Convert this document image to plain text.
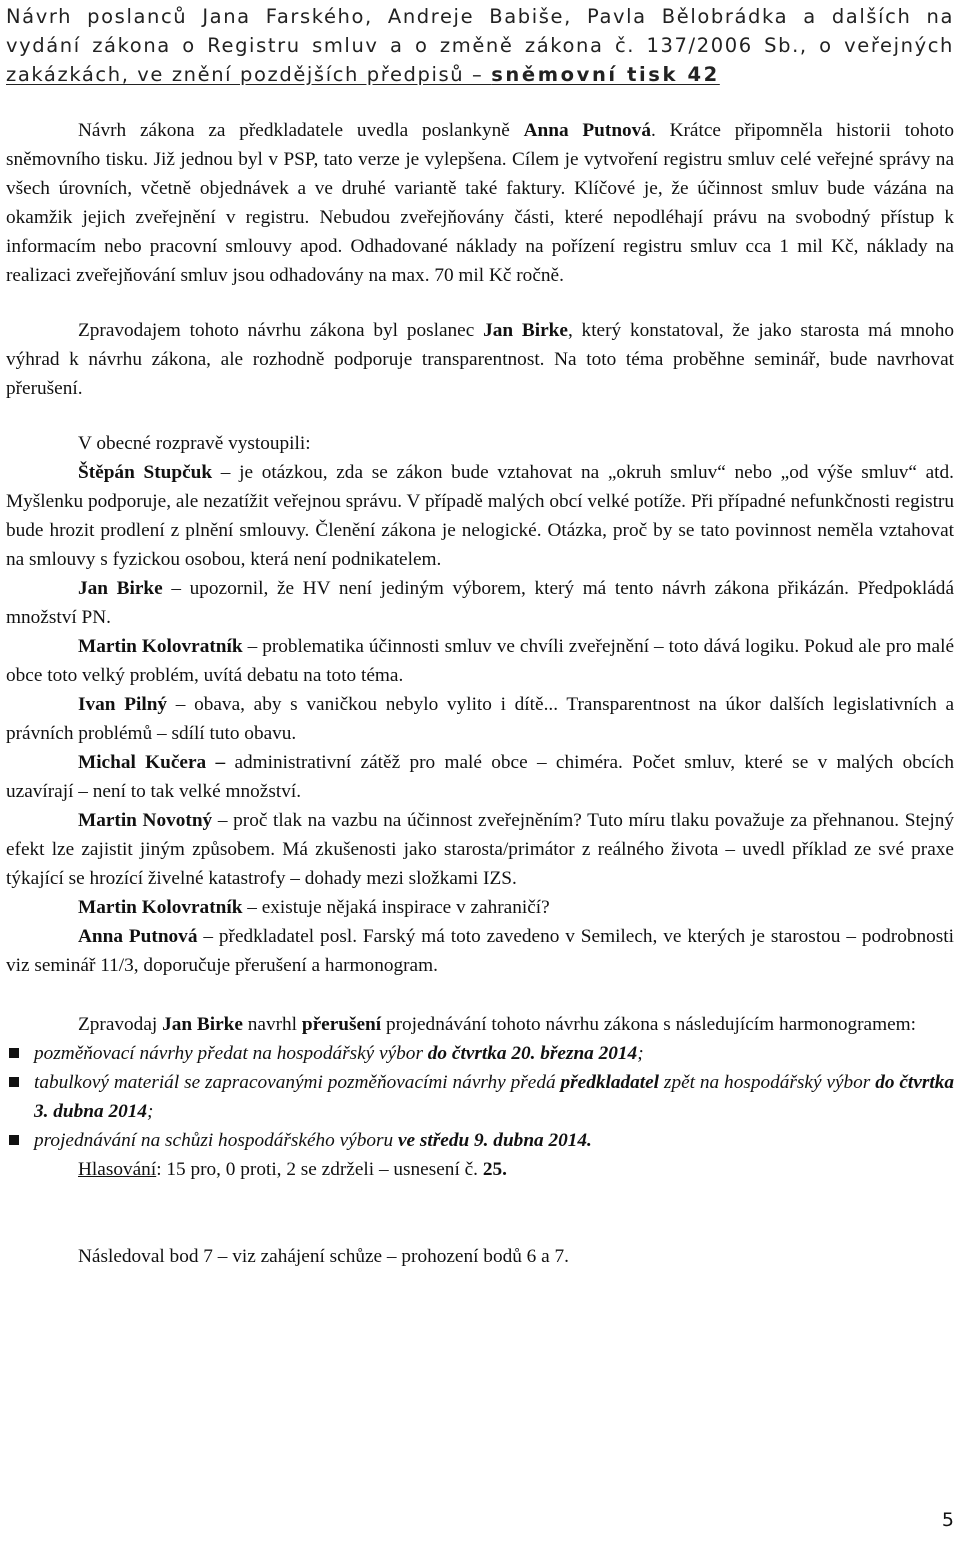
Návrh poslanců Jana Farského, Andreje Babiše, Pavla Bělobrádka a dalších na vydání zákona o Registru smluv a o změně zákona č. 137/2006 Sb., o veřejných zakázkách, ve znění pozdějších předpisů – sněmovní tisk 42

Návrh zákona za předkladatele uvedla poslankyně Anna Putnová. Krátce připomněla historii tohoto sněmovního tisku. Již jednou byl v PSP, tato verze je vylepšena. Cílem je vytvoření registru smluv celé veřejné správy na všech úrovních, včetně objednávek a ve druhé variantě také faktury. Klíčové je, že účinnost smluv bude vázána na okamžik jejich zveřejnění v registru. Nebudou zveřejňovány části, které nepodléhají právu na svobodný přístup k informacím nebo pracovní smlouvy apod. Odhadované náklady na pořízení registru smluv cca 1 mil Kč, náklady na realizaci zveřejňování smluv jsou odhadovány na max. 70 mil Kč ročně.

Zpravodajem tohoto návrhu zákona byl poslanec Jan Birke, který konstatoval, že jako starosta má mnoho výhrad k návrhu zákona, ale rozhodně podporuje transparentnost. Na toto téma proběhne seminář, bude navrhovat přerušení.

V obecné rozpravě vystoupili:

Štěpán Stupčuk – je otázkou, zda se zákon bude vztahovat na „okruh smluv“ nebo „od výše smluv“ atd. Myšlenku podporuje, ale nezatížit veřejnou správu. V případě malých obcí velké potíže. Při případné nefunkčnosti registru bude hrozit prodlení z plnění smlouvy. Členění zákona je nelogické. Otázka, proč by se tato povinnost neměla vztahovat na smlouvy s fyzickou osobou, která není podnikatelem.

Jan Birke – upozornil, že HV není jediným výborem, který má tento návrh zákona přikázán. Předpokládá množství PN.

Martin Kolovratník – problematika účinnosti smluv ve chvíli zveřejnění – toto dává logiku. Pokud ale pro malé obce toto velký problém, uvítá debatu na toto téma.

Ivan Pilný – obava, aby s vaničkou nebylo vylito i dítě... Transparentnost na úkor dalších legislativních a právních problémů – sdílí tuto obavu.

Michal Kučera – administrativní zátěž pro malé obce – chiméra. Počet smluv, které se v malých obcích uzavírají – není to tak velké množství.

Martin Novotný – proč tlak na vazbu na účinnost zveřejněním? Tuto míru tlaku považuje za přehnanou. Stejný efekt lze zajistit jiným způsobem. Má zkušenosti jako starosta/primátor z reálného života – uvedl příklad ze své praxe týkající se hrozící živelné katastrofy – dohady mezi složkami IZS.

Martin Kolovratník – existuje nějaká inspirace v zahraničí?

Anna Putnová – předkladatel posl. Farský má toto zavedeno v Semilech, ve kterých je starostou – podrobnosti viz seminář 11/3, doporučuje přerušení a harmonogram.

Zpravodaj Jan Birke navrhl přerušení projednávání tohoto návrhu zákona s následujícím harmonogramem:

pozměňovací návrhy předat na hospodářský výbor do čtvrtka 20. března 2014;
tabulkový materiál se zapracovanými pozměňovacími návrhy předá předkladatel zpět na hospodářský výbor do čtvrtka 3. dubna 2014;
projednávání na schůzi hospodářského výboru ve středu 9. dubna 2014.
Hlasování: 15 pro, 0 proti, 2 se zdrželi – usnesení č. 25.

Následoval bod 7 – viz zahájení schůze – prohození bodů 6 a 7.

5
